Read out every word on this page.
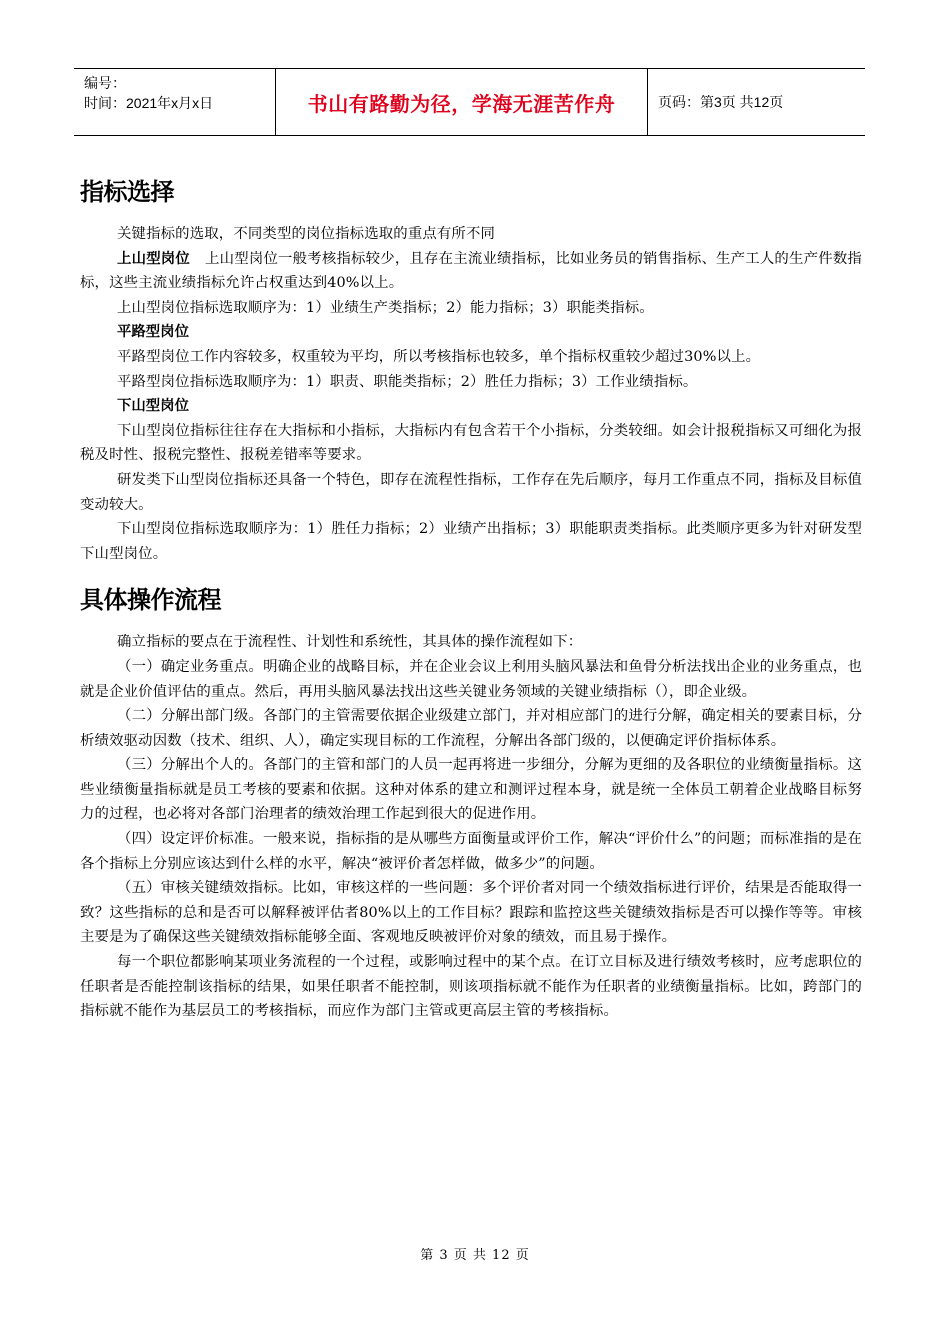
编号：
时间：2021年x月x日	书山有路勤为径，学海无涯苦作舟	页码：第3页 共12页
指标选择

关键指标的选取，不同类型的岗位指标选取的重点有所不同

上山型岗位 上山型岗位一般考核指标较少，且存在主流业绩指标，比如业务员的销售指标、生产工人的生产件数指标，这些主流业绩指标允许占权重达到40%以上。

上山型岗位指标选取顺序为：1）业绩生产类指标；2）能力指标；3）职能类指标。

平路型岗位

平路型岗位工作内容较多，权重较为平均，所以考核指标也较多，单个指标权重较少超过30%以上。

平路型岗位指标选取顺序为：1）职责、职能类指标；2）胜任力指标；3）工作业绩指标。

下山型岗位

下山型岗位指标往往存在大指标和小指标，大指标内有包含若干个小指标，分类较细。如会计报税指标又可细化为报税及时性、报税完整性、报税差错率等要求。

研发类下山型岗位指标还具备一个特色，即存在流程性指标，工作存在先后顺序，每月工作重点不同，指标及目标值变动较大。

下山型岗位指标选取顺序为：1）胜任力指标；2）业绩产出指标；3）职能职责类指标。此类顺序更多为针对研发型下山型岗位。

具体操作流程

确立指标的要点在于流程性、计划性和系统性，其具体的操作流程如下：

（一）确定业务重点。明确企业的战略目标，并在企业会议上利用头脑风暴法和鱼骨分析法找出企业的业务重点，也就是企业价值评估的重点。然后，再用头脑风暴法找出这些关键业务领域的关键业绩指标（），即企业级。

（二）分解出部门级。各部门的主管需要依据企业级建立部门，并对相应部门的进行分解，确定相关的要素目标，分析绩效驱动因数（技术、组织、人），确定实现目标的工作流程，分解出各部门级的，以便确定评价指标体系。

（三）分解出个人的。各部门的主管和部门的人员一起再将进一步细分，分解为更细的及各职位的业绩衡量指标。这些业绩衡量指标就是员工考核的要素和依据。这种对体系的建立和测评过程本身，就是统一全体员工朝着企业战略目标努力的过程，也必将对各部门治理者的绩效治理工作起到很大的促进作用。

（四）设定评价标准。一般来说，指标指的是从哪些方面衡量或评价工作，解决“评价什么”的问题；而标准指的是在各个指标上分别应该达到什么样的水平，解决“被评价者怎样做，做多少”的问题。

（五）审核关键绩效指标。比如，审核这样的一些问题：多个评价者对同一个绩效指标进行评价，结果是否能取得一致？这些指标的总和是否可以解释被评估者80%以上的工作目标？跟踪和监控这些关键绩效指标是否可以操作等等。审核主要是为了确保这些关键绩效指标能够全面、客观地反映被评价对象的绩效，而且易于操作。

每一个职位都影响某项业务流程的一个过程，或影响过程中的某个点。在订立目标及进行绩效考核时，应考虑职位的任职者是否能控制该指标的结果，如果任职者不能控制，则该项指标就不能作为任职者的业绩衡量指标。比如，跨部门的指标就不能作为基层员工的考核指标，而应作为部门主管或更高层主管的考核指标。

第 3 页 共 12 页
